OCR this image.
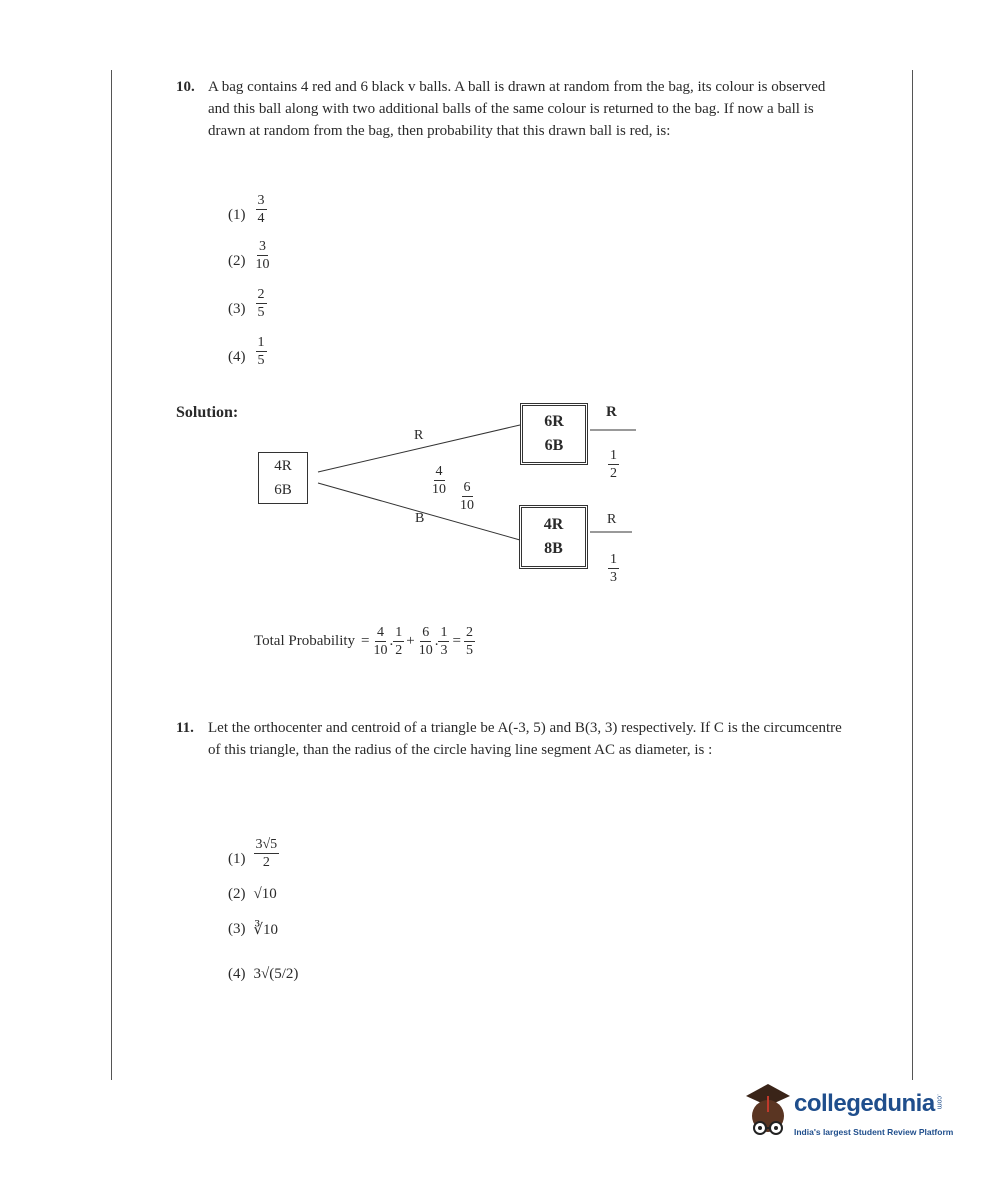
10. A bag contains 4 red and 6 black v balls. A ball is drawn at random from the bag, its colour is observed and this ball along with two additional balls of the same colour is returned to the bag. If now a ball is drawn at random from the bag, then probability that this drawn ball is red, is:
$(1) \frac{3}{4}$
$(2) \frac{3}{10}$
$(3) \frac{2}{5}$
$(4) \frac{1}{5}$
Solution:
4R
6B
R
B
$\frac{4}{10} \frac{6}{10}$
6R
6B
4R
8B
R
$\frac{1}{2}$
R
$\frac{1}{3}$
Total Probability = $\frac{4}{10}$ . $\frac{1}{2} + \frac{6}{10}$ . $\frac{1}{3} = \frac{2}{5}$
11. Let the orthocenter and centroid of a triangle be A(-3, 5) and B(3, 3) respectively. If C is the circumcentre of this triangle, than the radius of the circle having line segment AC as diameter, is :
$(1) \frac{3√5}{2}$
(2) √10
(3) ∛10
(4) 3√(5/2)
collegedunia .com
India's largest Student Review Platform
